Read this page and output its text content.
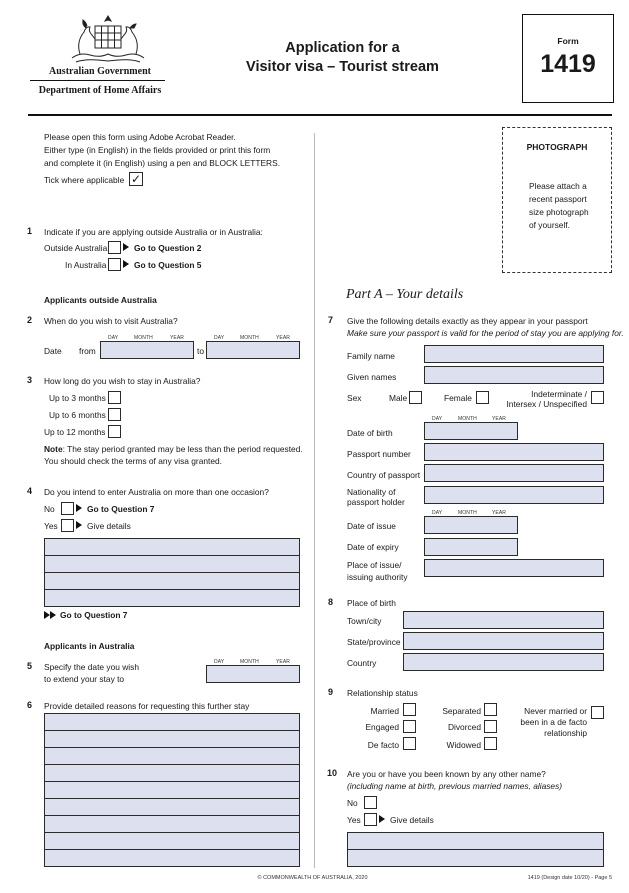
Australian Government
Department of Home Affairs
Application for a
Visitor visa – Tourist stream
Form
1419
Please open this form using Adobe Acrobat Reader.
Either type (in English) in the fields provided or print this form
and complete it (in English) using a pen and BLOCK LETTERS.
Tick where applicable ✓
1 Indicate if you are applying outside Australia or in Australia:
Outside Australia	Go to Question 2
In Australia	Go to Question 5
Applicants outside Australia
2 When do you wish to visit Australia?
DAY	MONTH	YEAR	DAY	MONTH	YEAR
Date from	to
3 How long do you wish to stay in Australia?
Up to 3 months
Up to 6 months
Up to 12 months
Note: The stay period granted may be less than the period requested.
You should check the terms of any visa granted.
4 Do you intend to enter Australia on more than one occasion?
No	Go to Question 7
Yes	Give details
Go to Question 7
Applicants in Australia
5 Specify the date you wish
to extend your stay to
DAY	MONTH	YEAR
6 Provide detailed reasons for requesting this further stay
PHOTOGRAPH
Please attach a
recent passport
size photograph
of yourself.
Part A – Your details
7 Give the following details exactly as they appear in your passport
Make sure your passport is valid for the period of stay you are applying for.
Family name
Given names
Sex	Male	Female	Indeterminate /
Intersex / Unspecified
DAY	MONTH	YEAR
Date of birth
Passport number
Country of passport
Nationality of
passport holder
DAY	MONTH	YEAR
Date of issue
Date of expiry
Place of issue/
issuing authority
8 Place of birth
Town/city
State/province
Country
9 Relationship status
Married	Separated	Never married or
been in a de facto
relationship
Engaged	Divorced
De facto	Widowed
10 Are you or have you been known by any other name?
(including name at birth, previous married names, aliases)
No
Yes	Give details
© COMMONWEALTH OF AUSTRALIA, 2020	1419 (Design date 10/20) - Page 5
